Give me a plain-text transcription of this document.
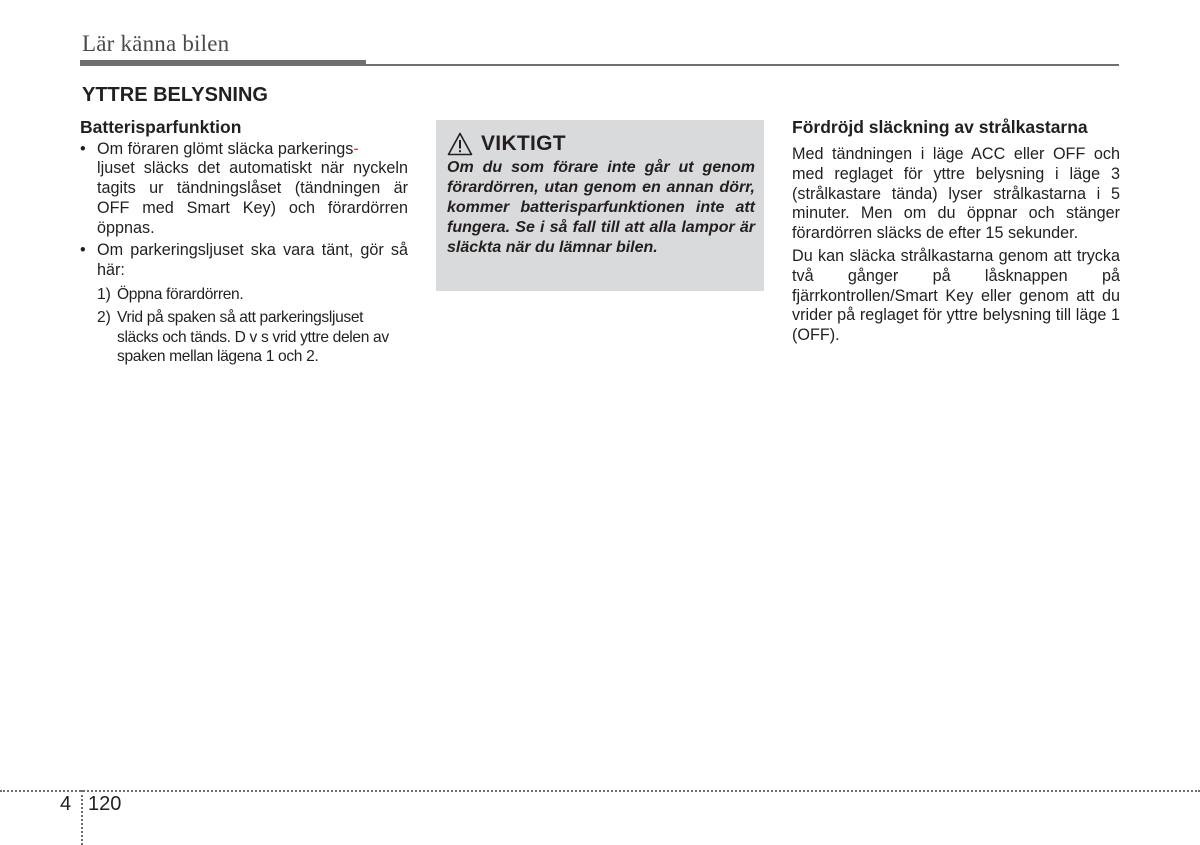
Lär känna bilen
YTTRE BELYSNING
Batterisparfunktion
• Om föraren glömt släcka parkerings-
ljuset släcks det automatiskt när nyckeln tagits ur tändningslåset (tändningen är OFF med Smart Key) och förardörren öppnas.
• Om parkeringsljuset ska vara tänt, gör så här:
1) Öppna förardörren.
2) Vrid på spaken så att parkeringsljuset släcks och tänds. D v s vrid yttre delen av spaken mellan lägena 1 och 2.
VIKTIGT
Om du som förare inte går ut genom förardörren, utan genom en annan dörr, kommer batterisparfunktionen inte att fungera. Se i så fall till att alla lampor är släckta när du lämnar bilen.
Fördröjd släckning av strålkastarna
Med tändningen i läge ACC eller OFF och med reglaget för yttre belysning i läge 3 (strålkastare tända) lyser strålkastarna i 5 minuter. Men om du öppnar och stänger förardörren släcks de efter 15 sekunder.
Du kan släcka strålkastarna genom att trycka två gånger på låsknappen på fjärrkontrollen/Smart Key eller genom att du vrider på reglaget för yttre belysning till läge 1 (OFF).
4 120
